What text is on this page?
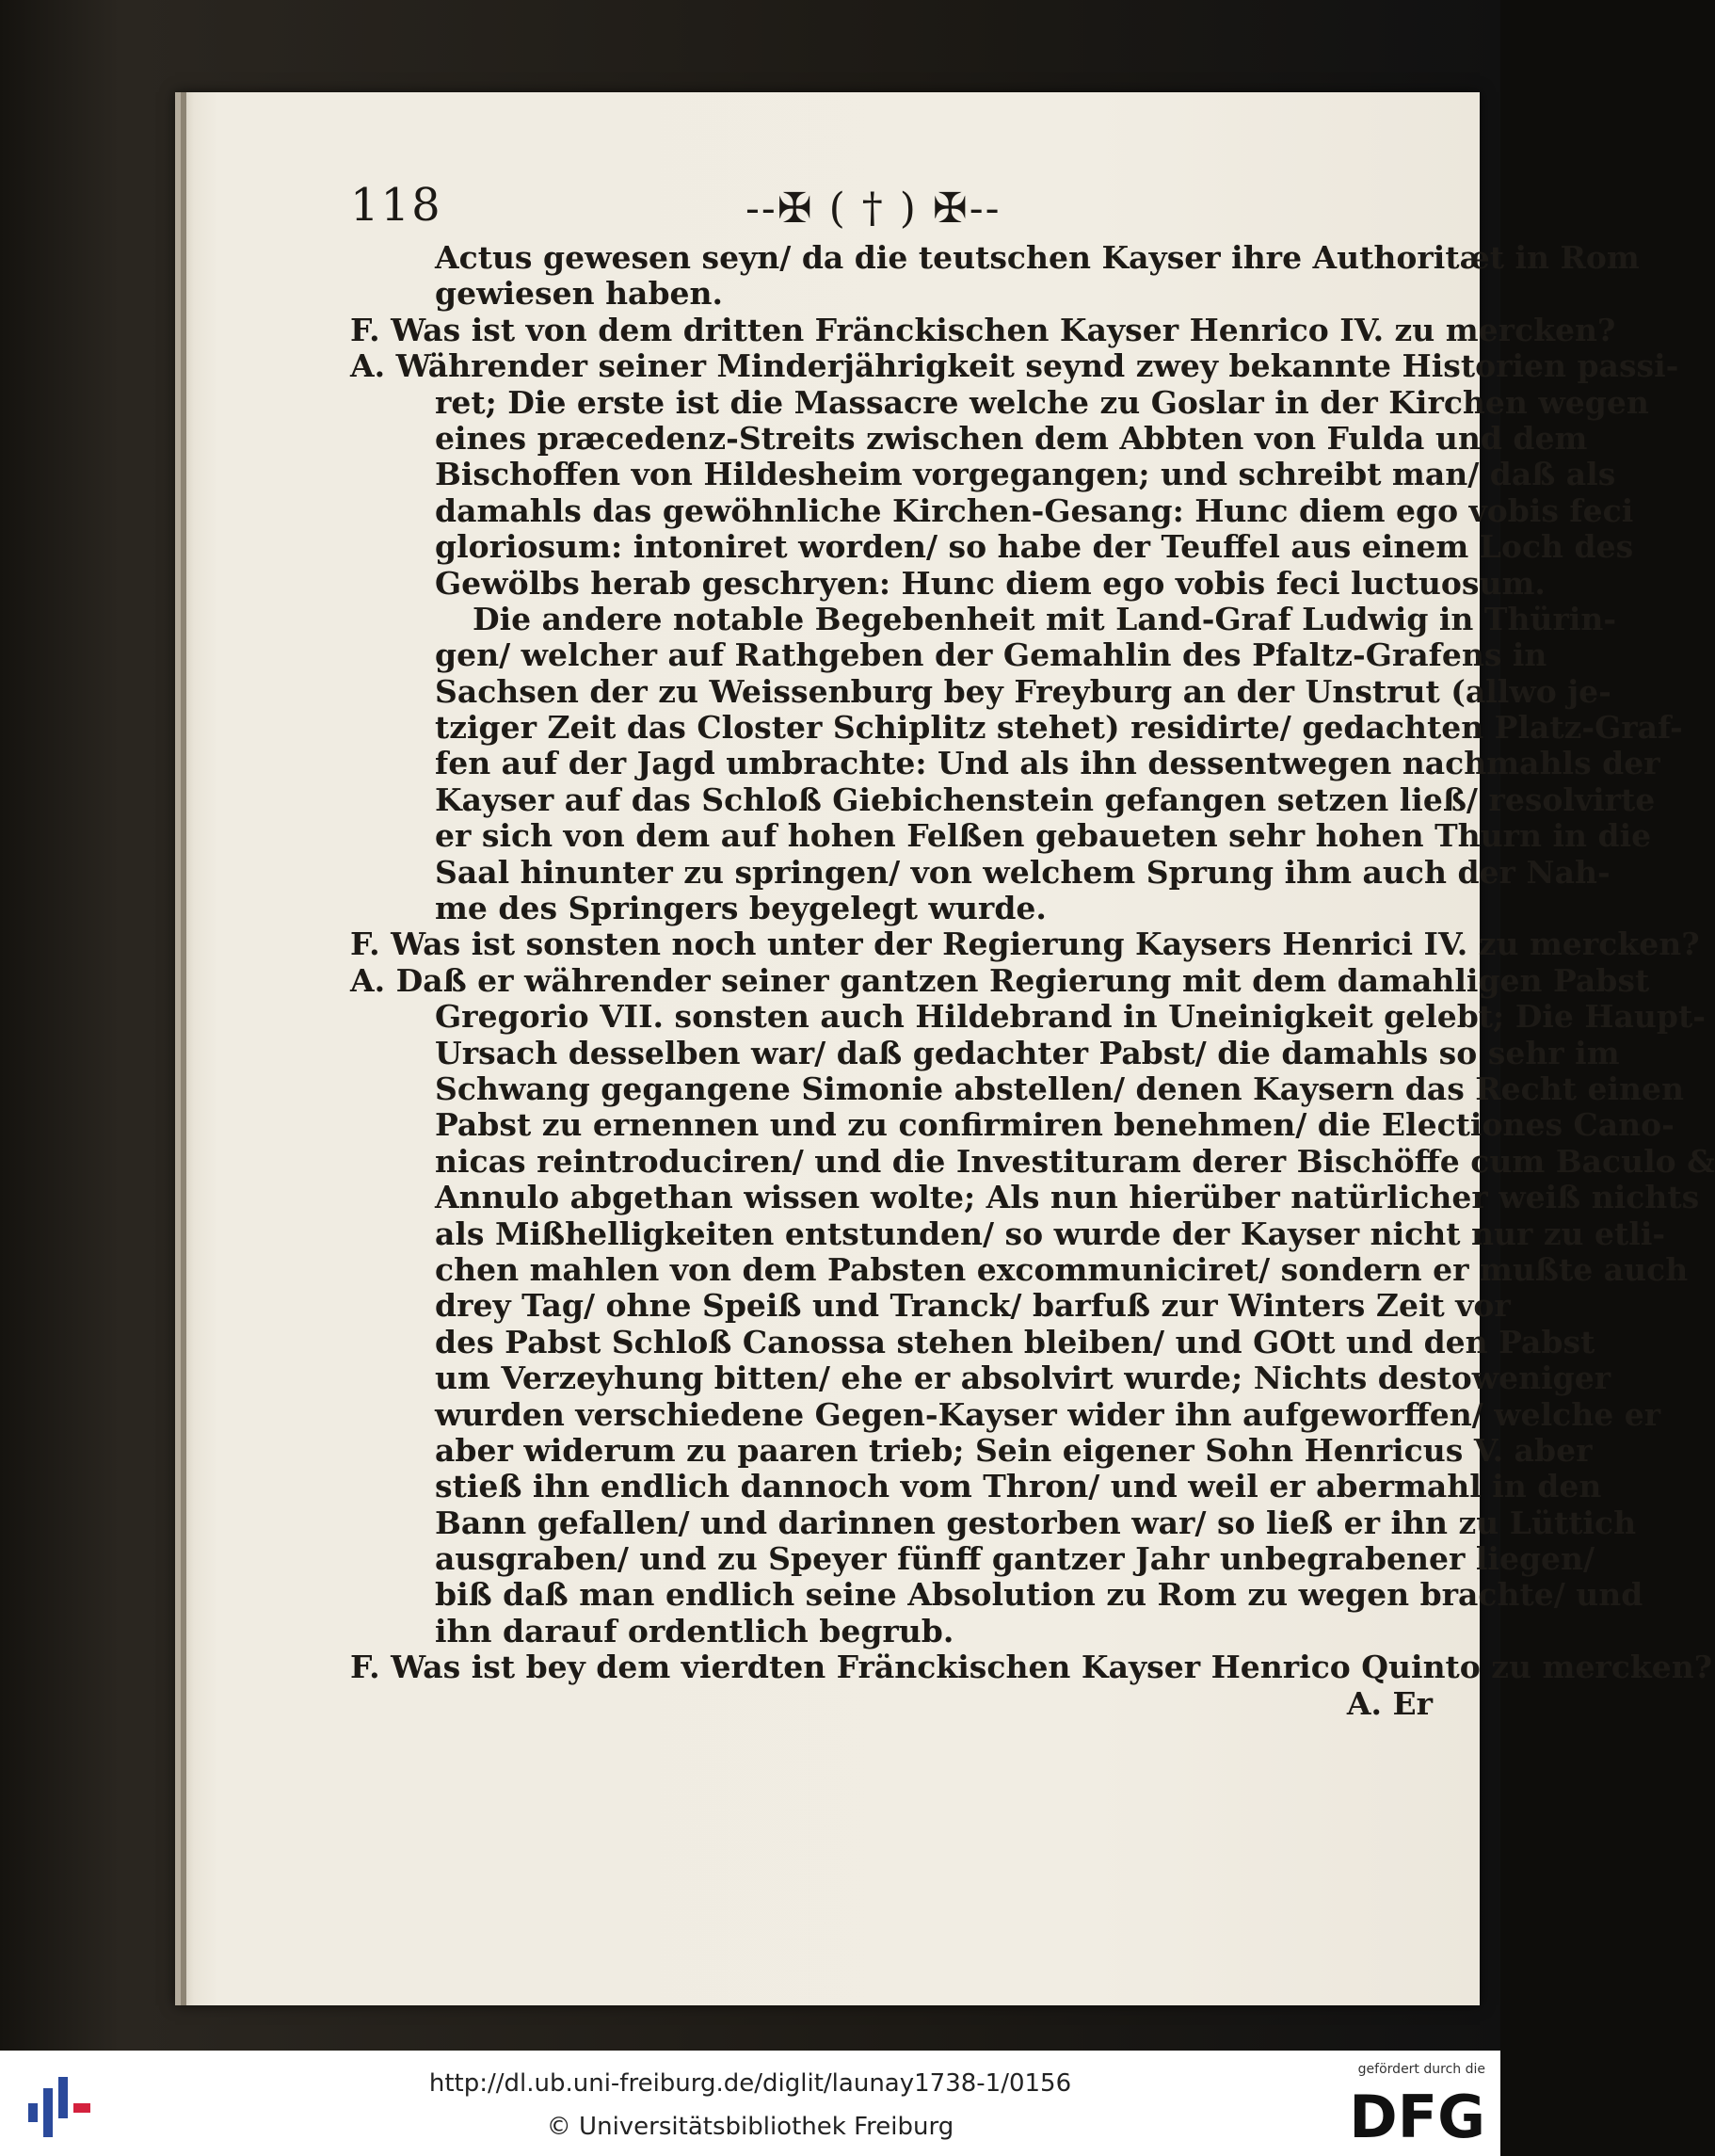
118	--✠ ( † ) ✠--
Actus gewesen seyn/ da die teutschen Kayser ihre Authoritæt in Rom
gewiesen haben.
F. Was ist von dem dritten Fränckischen Kayser Henrico IV. zu mercken?
A. Währender seiner Minderjährigkeit seynd zwey bekannte Historien passi-
ret; Die erste ist die Massacre welche zu Goslar in der Kirchen wegen
eines præcedenz-Streits zwischen dem Abbten von Fulda und dem
Bischoffen von Hildesheim vorgegangen; und schreibt man/ daß als
damahls das gewöhnliche Kirchen-Gesang: Hunc diem ego vobis feci
gloriosum: intoniret worden/ so habe der Teuffel aus einem Loch des
Gewölbs herab geschryen: Hunc diem ego vobis feci luctuosum.
Die andere notable Begebenheit mit Land-Graf Ludwig in Thürin-
gen/ welcher auf Rathgeben der Gemahlin des Pfaltz-Grafens in
Sachsen der zu Weissenburg bey Freyburg an der Unstrut (allwo je-
tziger Zeit das Closter Schiplitz stehet) residirte/ gedachten Platz-Graf-
fen auf der Jagd umbrachte: Und als ihn dessentwegen nachmahls der
Kayser auf das Schloß Giebichenstein gefangen setzen ließ/ resolvirte
er sich von dem auf hohen Felßen gebaueten sehr hohen Thurn in die
Saal hinunter zu springen/ von welchem Sprung ihm auch der Nah-
me des Springers beygelegt wurde.
F. Was ist sonsten noch unter der Regierung Kaysers Henrici IV. zu mercken?
A. Daß er währender seiner gantzen Regierung mit dem damahligen Pabst
Gregorio VII. sonsten auch Hildebrand in Uneinigkeit gelebt; Die Haupt-
Ursach desselben war/ daß gedachter Pabst/ die damahls so sehr im
Schwang gegangene Simonie abstellen/ denen Kaysern das Recht einen
Pabst zu ernennen und zu confirmiren benehmen/ die Electiones Cano-
nicas reintroduciren/ und die Investituram derer Bischöffe cum Baculo &
Annulo abgethan wissen wolte; Als nun hierüber natürlicher weiß nichts
als Mißhelligkeiten entstunden/ so wurde der Kayser nicht nur zu etli-
chen mahlen von dem Pabsten excommuniciret/ sondern er mußte auch
drey Tag/ ohne Speiß und Tranck/ barfuß zur Winters Zeit vor
des Pabst Schloß Canossa stehen bleiben/ und GOtt und den Pabst
um Verzeyhung bitten/ ehe er absolvirt wurde; Nichts destoweniger
wurden verschiedene Gegen-Kayser wider ihn aufgeworffen/ welche er
aber widerum zu paaren trieb; Sein eigener Sohn Henricus V. aber
stieß ihn endlich dannoch vom Thron/ und weil er abermahl in den
Bann gefallen/ und darinnen gestorben war/ so ließ er ihn zu Lüttich
ausgraben/ und zu Speyer fünff gantzer Jahr unbegrabener liegen/
biß daß man endlich seine Absolution zu Rom zu wegen brachte/ und
ihn darauf ordentlich begrub.
F. Was ist bey dem vierdten Fränckischen Kayser Henrico Quinto zu mercken?
A. Er
http://dl.ub.uni-freiburg.de/diglit/launay1738-1/0156
© Universitätsbibliothek Freiburg
gefördert durch die
DFG
